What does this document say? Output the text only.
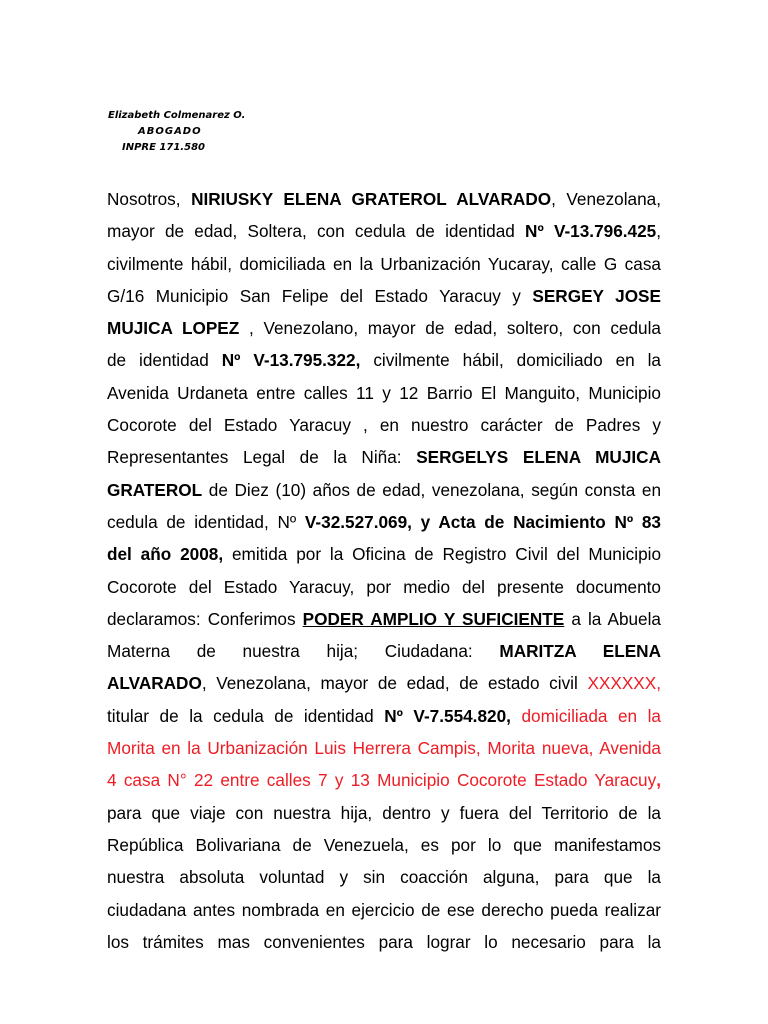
Elizabeth Colmenarez O.
ABOGADO
INPRE 171.580
Nosotros, NIRIUSKY ELENA GRATEROL ALVARADO, Venezolana,
mayor de edad, Soltera, con cedula de identidad Nº V-13.796.425,
civilmente hábil, domiciliada en la Urbanización Yucaray, calle G casa
G/16 Municipio San Felipe del Estado Yaracuy y SERGEY JOSE
MUJICA LOPEZ , Venezolano, mayor de edad, soltero, con cedula
de identidad Nº V-13.795.322, civilmente hábil, domiciliado en la
Avenida Urdaneta entre calles 11 y 12 Barrio El Manguito, Municipio
Cocorote del Estado Yaracuy , en nuestro carácter de Padres y
Representantes Legal de la Niña: SERGELYS ELENA MUJICA
GRATEROL de Diez (10) años de edad, venezolana, según consta en
cedula de identidad, Nº V-32.527.069, y Acta de Nacimiento Nº 83
del año 2008, emitida por la Oficina de Registro Civil del Municipio
Cocorote del Estado Yaracuy, por medio del presente documento
declaramos: Conferimos PODER AMPLIO Y SUFICIENTE a la Abuela
Materna de nuestra hija; Ciudadana: MARITZA ELENA
ALVARADO, Venezolana, mayor de edad, de estado civil XXXXXX,
titular de la cedula de identidad Nº V-7.554.820, domiciliada en la
Morita en la Urbanización Luis Herrera Campis, Morita nueva, Avenida
4 casa N° 22 entre calles 7 y 13 Municipio Cocorote Estado Yaracuy,
para que viaje con nuestra hija, dentro y fuera del Territorio de la
República Bolivariana de Venezuela, es por lo que manifestamos
nuestra absoluta voluntad y sin coacción alguna, para que la
ciudadana antes nombrada en ejercicio de ese derecho pueda realizar
los trámites mas convenientes para lograr lo necesario para la
